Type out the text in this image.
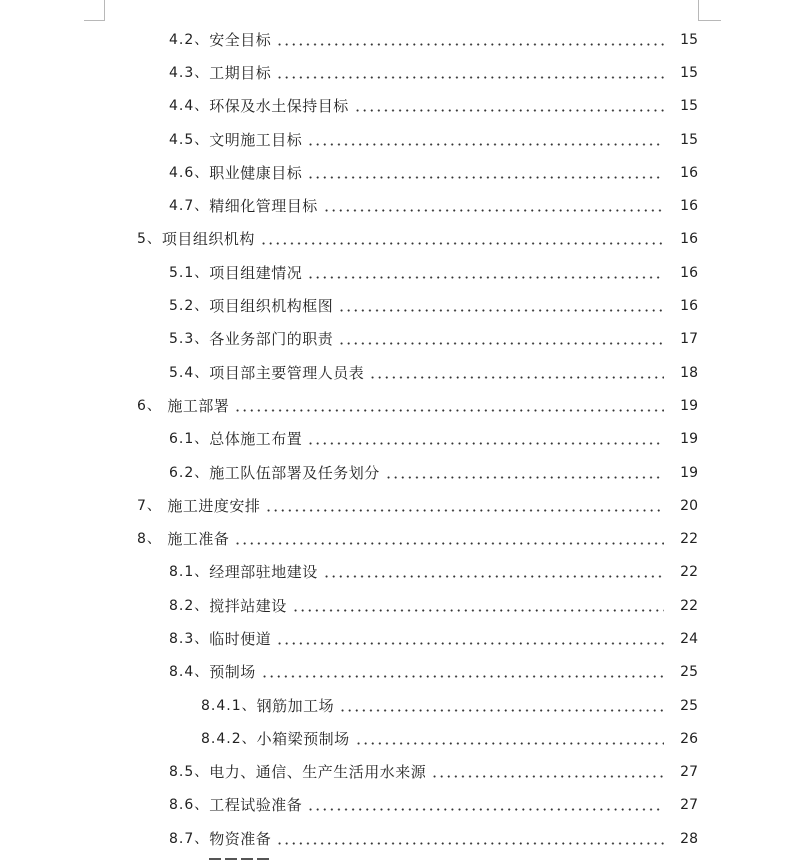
4.2、 安全目标	15
4.3、 工期目标	15
4.4、 环保及水土保持目标	15
4.5、 文明施工目标	15
4.6、 职业健康目标	16
4.7、 精细化管理目标	16
5、 项目组织机构	16
5.1、 项目组建情况	16
5.2、 项目组织机构框图	16
5.3、 各业务部门的职责	17
5.4、 项目部主要管理人员表	18
6、 施工部署	19
6.1、 总体施工布置	19
6.2、 施工队伍部署及任务划分	19
7、 施工进度安排	20
8、 施工准备	22
8.1、 经理部驻地建设	22
8.2、 搅拌站建设	22
8.3、 临时便道	24
8.4、 预制场	25
8.4.1、 钢筋加工场	25
8.4.2、 小箱梁预制场	26
8.5、 电力、通信、生产生活用水来源	27
8.6、 工程试验准备	27
8.7、 物资准备	28
